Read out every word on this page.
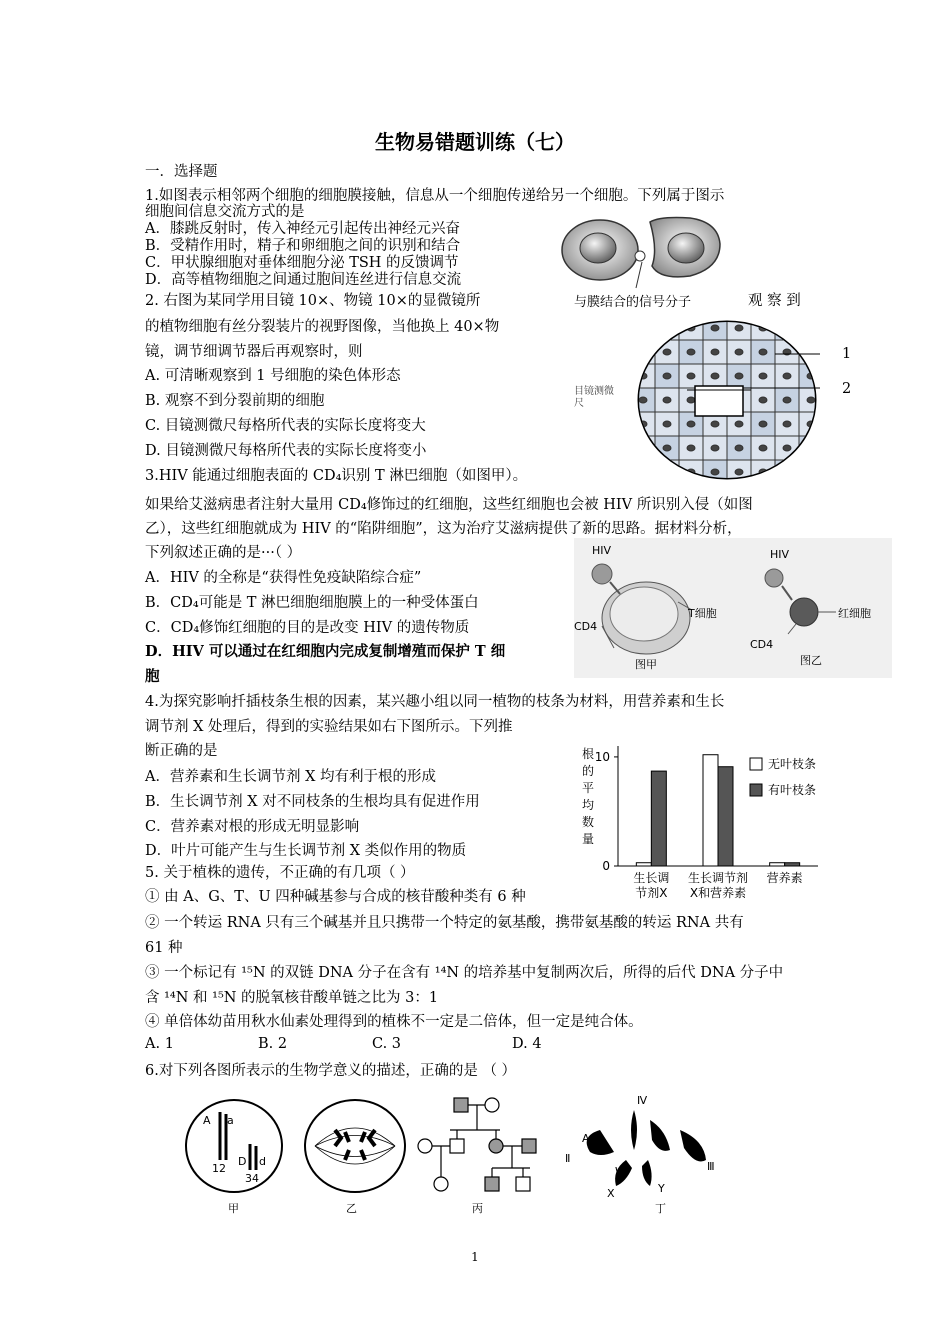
生物易错题训练（七）
一．选择题
1.如图表示相邻两个细胞的细胞膜接触，信息从一个细胞传递给另一个细胞。下列属于图示
细胞间信息交流方式的是
A．膝跳反射时，传入神经元引起传出神经元兴奋
B．受精作用时，精子和卵细胞之间的识别和结合
C．甲状腺细胞对垂体细胞分泌 TSH 的反馈调节
D．高等植物细胞之间通过胞间连丝进行信息交流
与膜结合的信号分子
2. 右图为某同学用目镜 10×、物镜 10×的显微镜所	观 察 到
的植物细胞有丝分裂装片的视野图像，当他换上 40×物
镜，调节细调节器后再观察时，则
A. 可清晰观察到 1 号细胞的染色体形态
B. 观察不到分裂前期的细胞
C. 目镜测微尺每格所代表的实际长度将变大
D. 目镜测微尺每格所代表的实际长度将变小
1
2
目镜测微
尺
3.HIV 能通过细胞表面的 CD₄识别 T 淋巴细胞（如图甲）。
如果给艾滋病患者注射大量用 CD₄修饰过的红细胞，这些红细胞也会被 HIV 所识别入侵（如图
乙），这些红细胞就成为 HIV 的“陷阱细胞”，这为治疗艾滋病提供了新的思路。据材料分析，
下列叙述正确的是···（ ）
A．HIV 的全称是“获得性免疫缺陷综合症”
B．CD₄可能是 T 淋巴细胞细胞膜上的一种受体蛋白
C．CD₄修饰红细胞的目的是改变 HIV 的遗传物质
D．HIV 可以通过在红细胞内完成复制增殖而保护 T 细
胞
HIV
CD4
T细胞
图甲
HIV
CD4
红细胞
图乙
4.为探究影响扦插枝条生根的因素，某兴趣小组以同一植物的枝条为材料，用营养素和生长
调节剂 X 处理后，得到的实验结果如右下图所示。下列推
断正确的是
A．营养素和生长调节剂 X 均有利于根的形成
B．生长调节剂 X 对不同枝条的生根均具有促进作用
C．营养素对根的形成无明显影响
D．叶片可能产生与生长调节剂 X 类似作用的物质
0
10
根
的
平
均
数
量
生长调
节剂X
生长调节剂
X和营养素
营养素
无叶枝条
有叶枝条
5. 关于植株的遗传，不正确的有几项（ ）
① 由 A、G、T、U 四种碱基参与合成的核苷酸种类有 6 种
② 一个转运 RNA 只有三个碱基并且只携带一个特定的氨基酸，携带氨基酸的转运 RNA 共有
61 种
③ 一个标记有 ¹⁵N 的双链 DNA 分子在含有 ¹⁴N 的培养基中复制两次后，所得的后代 DNA 分子中
含 ¹⁴N 和 ¹⁵N 的脱氧核苷酸单链之比为 3：1
④ 单倍体幼苗用秋水仙素处理得到的植株不一定是二倍体，但一定是纯合体。
A. 1	B. 2	C. 3	D. 4
6.对下列各图所表示的生物学意义的描述，正确的是 （ ）
A a
12
D d
34
Ⅳ
A
Ⅱ
Ⅲ
W
X	Y
甲	乙	丙	丁
1
